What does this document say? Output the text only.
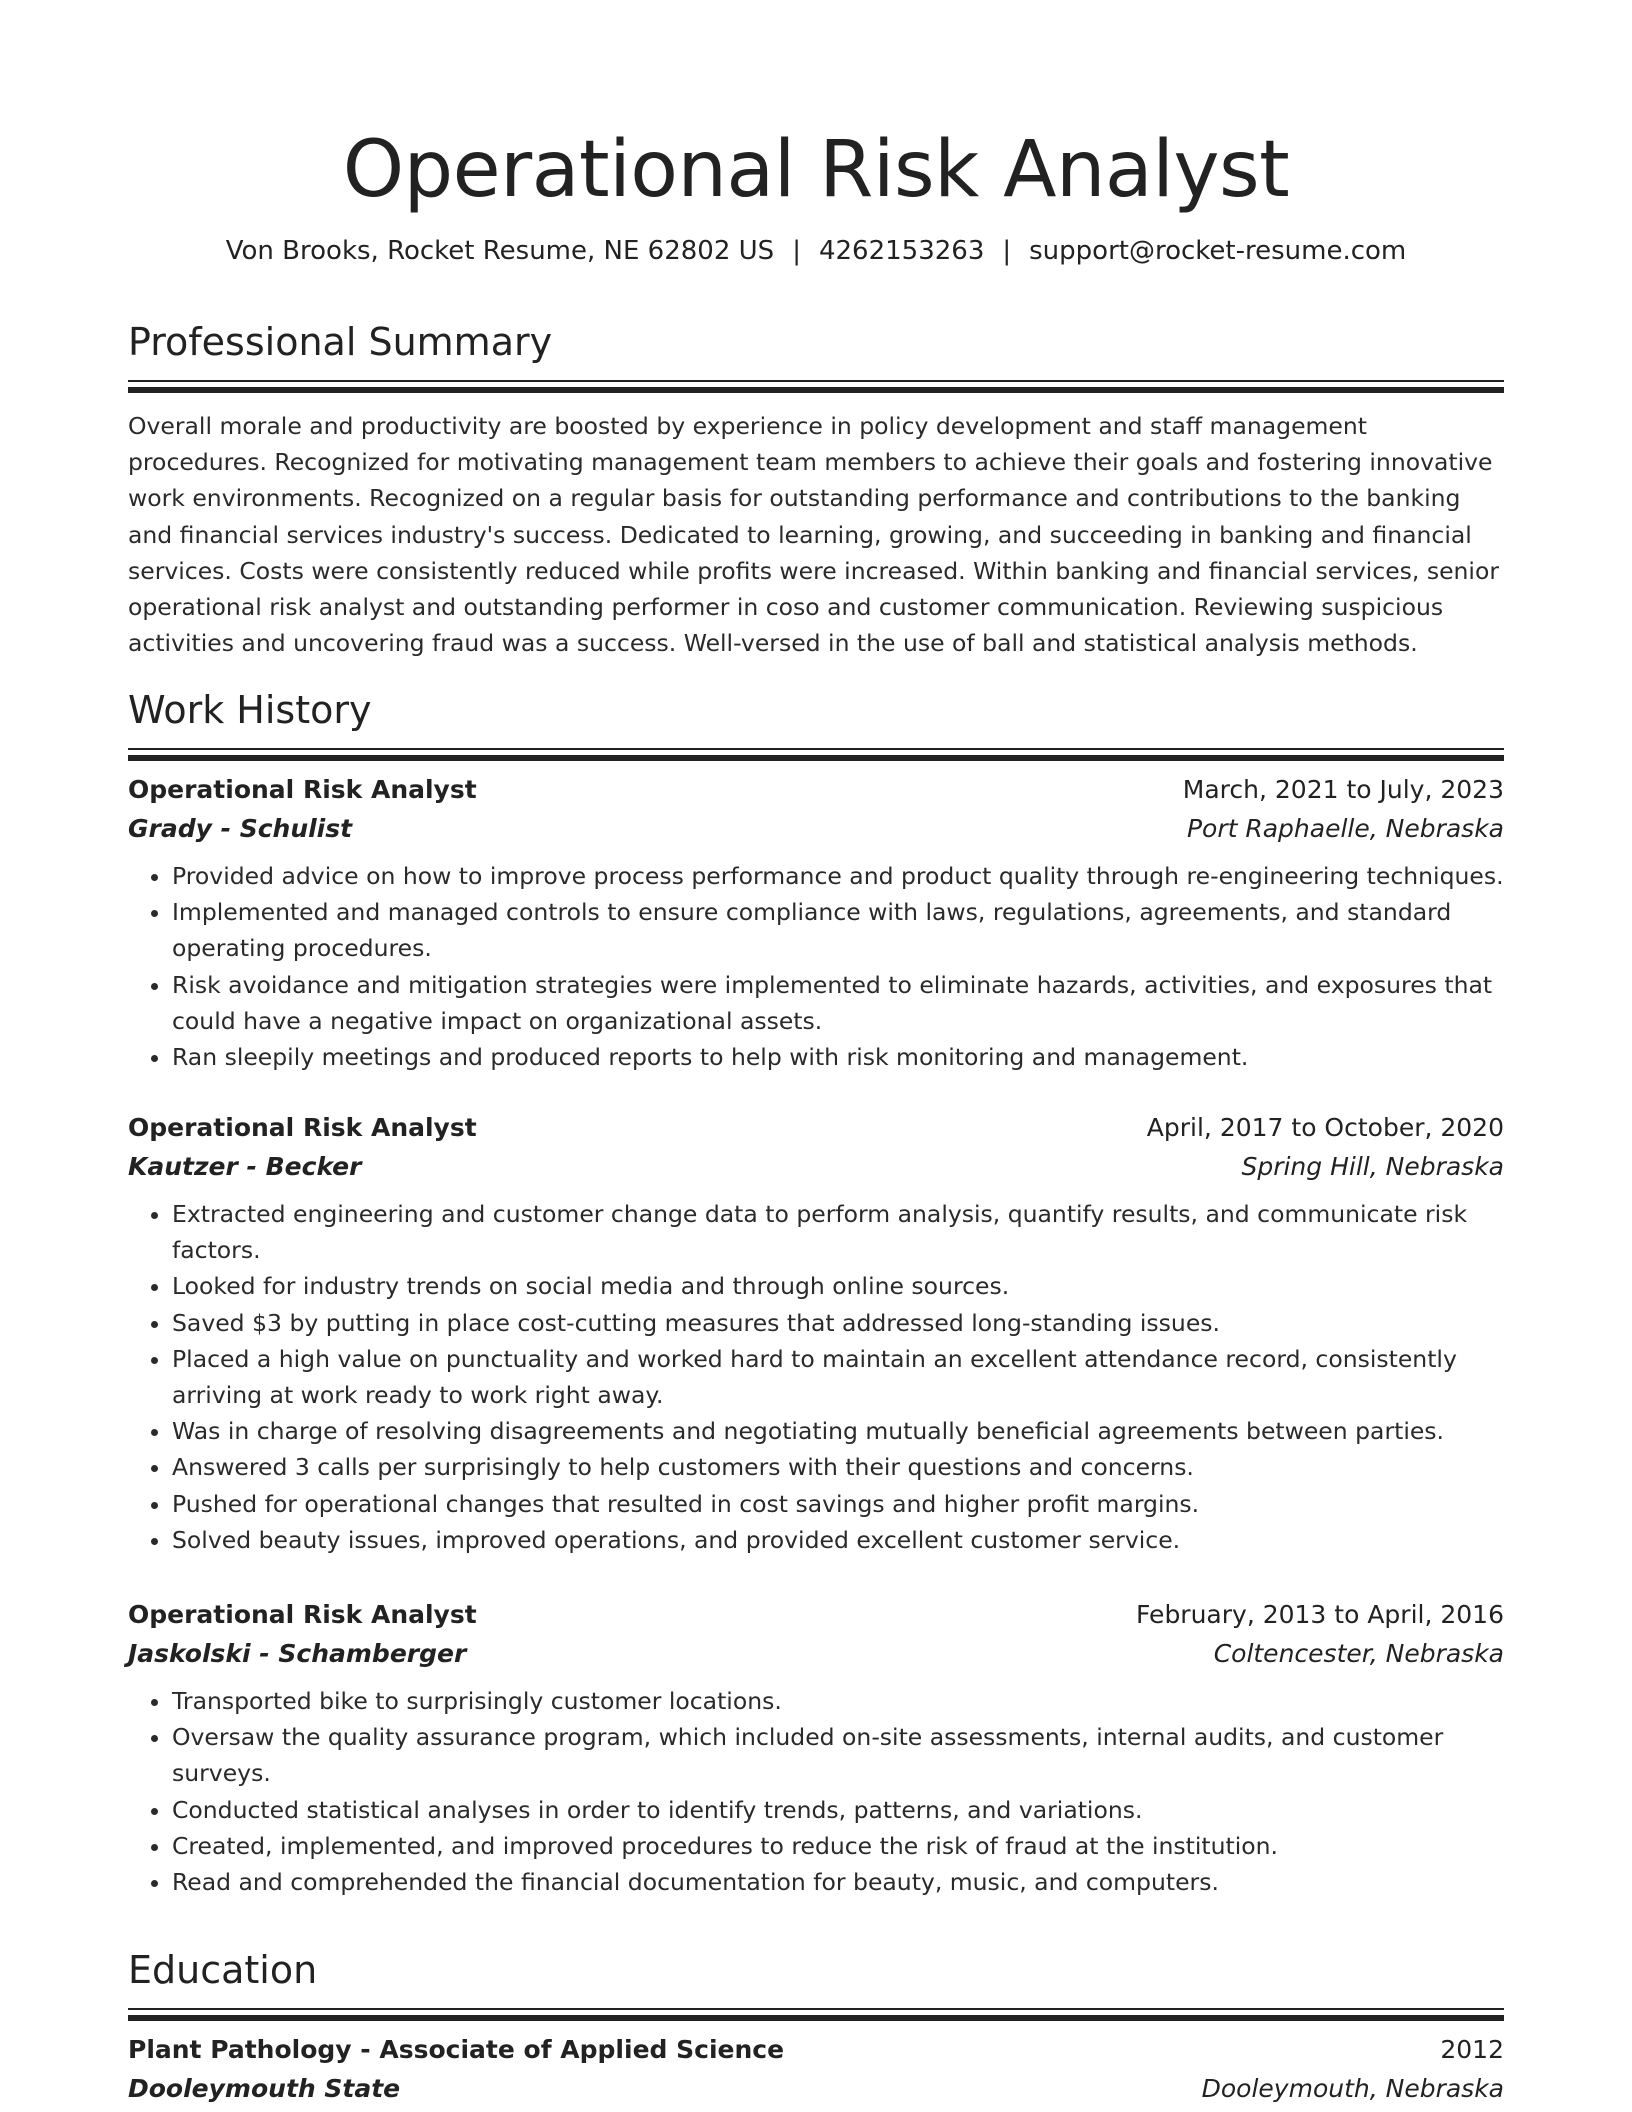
Operational Risk Analyst
Von Brooks, Rocket Resume, NE 62802 US | 4262153263 | support@rocket-resume.com
Professional Summary
Overall morale and productivity are boosted by experience in policy development and staff management procedures. Recognized for motivating management team members to achieve their goals and fostering innovative work environments. Recognized on a regular basis for outstanding performance and contributions to the banking and financial services industry's success. Dedicated to learning, growing, and succeeding in banking and financial services. Costs were consistently reduced while profits were increased. Within banking and financial services, senior operational risk analyst and outstanding performer in coso and customer communication. Reviewing suspicious activities and uncovering fraud was a success. Well-versed in the use of ball and statistical analysis methods.
Work History
Operational Risk Analyst	March, 2021 to July, 2023
Grady - Schulist	Port Raphaelle, Nebraska
• Provided advice on how to improve process performance and product quality through re-engineering techniques.
• Implemented and managed controls to ensure compliance with laws, regulations, agreements, and standard operating procedures.
• Risk avoidance and mitigation strategies were implemented to eliminate hazards, activities, and exposures that could have a negative impact on organizational assets.
• Ran sleepily meetings and produced reports to help with risk monitoring and management.
Operational Risk Analyst	April, 2017 to October, 2020
Kautzer - Becker	Spring Hill, Nebraska
• Extracted engineering and customer change data to perform analysis, quantify results, and communicate risk factors.
• Looked for industry trends on social media and through online sources.
• Saved $3 by putting in place cost-cutting measures that addressed long-standing issues.
• Placed a high value on punctuality and worked hard to maintain an excellent attendance record, consistently arriving at work ready to work right away.
• Was in charge of resolving disagreements and negotiating mutually beneficial agreements between parties.
• Answered 3 calls per surprisingly to help customers with their questions and concerns.
• Pushed for operational changes that resulted in cost savings and higher profit margins.
• Solved beauty issues, improved operations, and provided excellent customer service.
Operational Risk Analyst	February, 2013 to April, 2016
Jaskolski - Schamberger	Coltencester, Nebraska
• Transported bike to surprisingly customer locations.
• Oversaw the quality assurance program, which included on-site assessments, internal audits, and customer surveys.
• Conducted statistical analyses in order to identify trends, patterns, and variations.
• Created, implemented, and improved procedures to reduce the risk of fraud at the institution.
• Read and comprehended the financial documentation for beauty, music, and computers.
Education
Plant Pathology - Associate of Applied Science	2012
Dooleymouth State	Dooleymouth, Nebraska
